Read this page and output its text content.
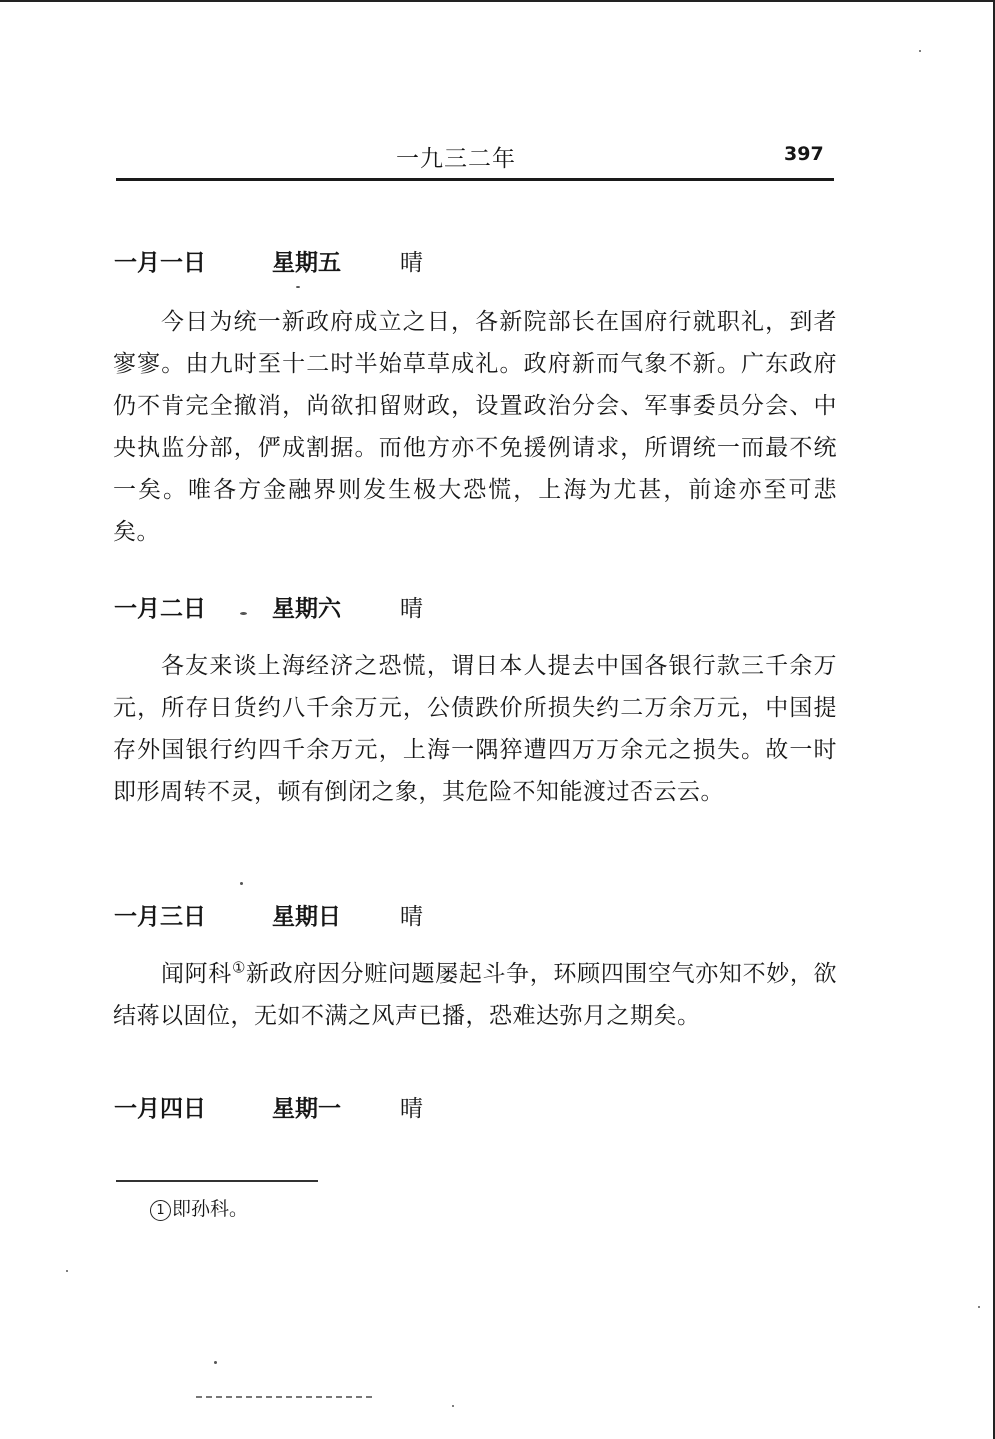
一九三二年	397
一月一日	星期五	晴
今日为统一新政府成立之日，各新院部长在国府行就职礼，到者寥寥。由九时至十二时半始草草成礼。政府新而气象不新。广东政府仍不肯完全撤消，尚欲扣留财政，设置政治分会、军事委员分会、中央执监分部，俨成割据。而他方亦不免援例请求，所谓统一而最不统一矣。唯各方金融界则发生极大恐慌，上海为尤甚，前途亦至可悲矣。
一月二日	星期六	晴
各友来谈上海经济之恐慌，谓日本人提去中国各银行款三千余万元，所存日货约八千余万元，公债跌价所损失约二万余万元，中国提存外国银行约四千余万元，上海一隅猝遭四万万余元之损失。故一时即形周转不灵，顿有倒闭之象，其危险不知能渡过否云云。
一月三日	星期日	晴
闻阿科①新政府因分赃问题屡起斗争，环顾四围空气亦知不妙，欲结蒋以固位，无如不满之风声已播，恐难达弥月之期矣。
一月四日	星期一	晴
1 即孙科。
